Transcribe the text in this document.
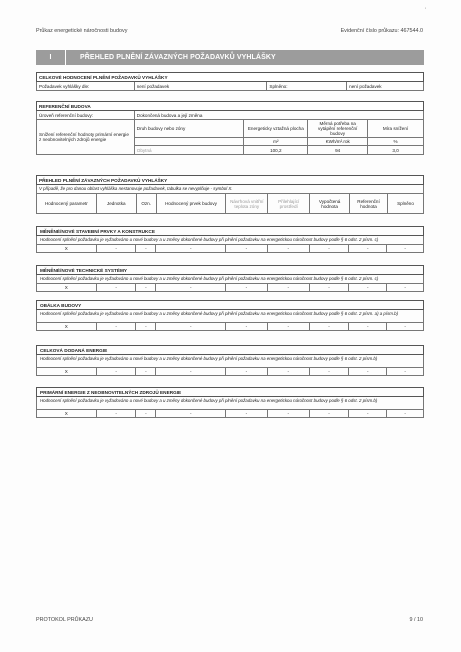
'
Průkaz energetické náročnosti budovy	Evidenční číslo průkazu: 467544.0
I	PŘEHLED PLNĚNÍ ZÁVAZNÝCH POŽADAVKŮ VYHLÁŠKY
CELKOVÉ HODNOCENÍ PLNĚNÍ POŽADAVKŮ VYHLÁŠKY
Požadavek vyhlášky dle:	není požadavek	Splněno:	není požadavek
REFERENČNÍ BUDOVA				
Úroveň referenční budovy:	Dokončená budova a její změna			
Snížení referenční hodnoty primární energie z neobnovitelných zdrojů energie	Druh budovy nebo zóny	Energeticky vztažná plocha	Měrná potřeba na vytápění referenční budovy	Míra snížení
		m²	KWh/m².rok	%
	Obytná	100,2	94	3,0
PŘEHLED PLNĚNÍ ZÁVAZNÝCH POŽADAVKŮ VYHLÁŠKY
V případě, že pro danou oblast vyhláška nestanovuje požadavek, tabulka se nevyplňuje - symbol X.
Hodnocený parametr	Jednotka	Ozn.	Hodnocený prvek budovy	Návrhová vnitřní teplota zóny	Přilehlající prostředí	Vypočtená hodnota	Referenční hodnota	Splněno
MĚNĚNÉ/NOVÉ STAVEBNÍ PRVKY A KONSTRUKCE
Hodnocení splnění požadavku je vyžadováno u nové budovy a u změny dokončené budovy při plnění požadavku na energetickou náročnost budovy podle § 6 odst. 2 písm. c)
X	-	-	-	-	-	-	-	-
MĚNĚNÉ/NOVÉ TECHNICKÉ SYSTÉMY
Hodnocení splnění požadavku je vyžadováno u nové budovy a u změny dokončené budovy při plnění požadavku na energetickou náročnost budovy podle § 6 odst. 2 písm. c)
X	-	-	-	-	-	-	-	-
OBÁLKA BUDOVY
Hodnocení splnění požadavku je vyžadováno u nové budovy a u změny dokončené budovy při plnění požadavku na energetickou náročnost budovy podle § 6 odst. 2 písm. a) a písm.b)
X	-	-	-	-	-	-	-	-
CELKOVÁ DODANÁ ENERGIE
Hodnocení splnění požadavku je vyžadováno u nové budovy a u změny dokončené budovy při plnění požadavku na energetickou náročnost budovy podle § 6 odst. 2 písm.b)
X	-	-	-	-	-	-	-	-
PRIMÁRNÍ ENERGIE Z NEOBNOVITELNÝCH ZDROJŮ ENERGIE
Hodnocení splnění požadavku je vyžadováno u nové budovy a u změny dokončené budovy při plnění požadavku na energetickou náročnost budovy podle § 6 odst. 2 písm.b)
X	-	-	-	-	-	-	-	-
PROTOKOL PRŮKAZU	9 / 10
